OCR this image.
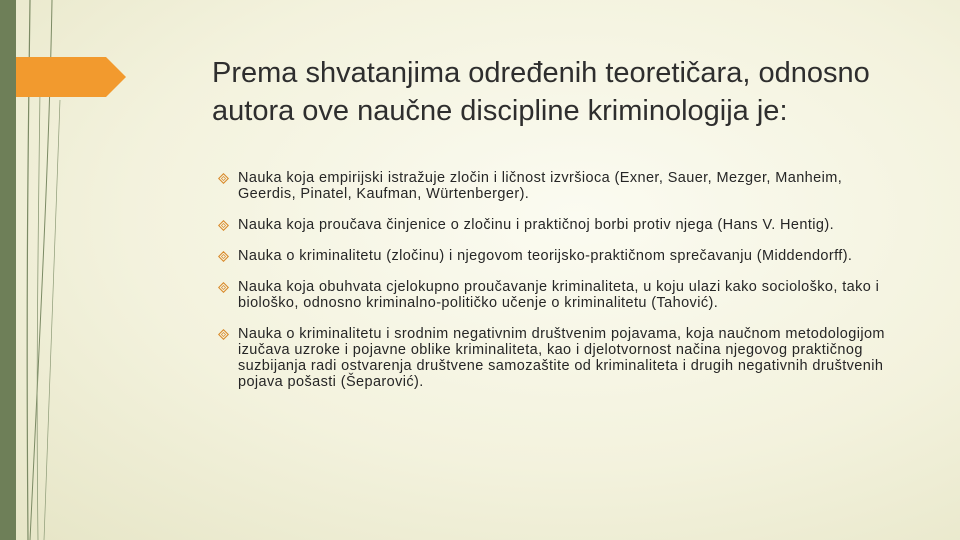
Prema shvatanjima određenih teoretičara, odnosno autora ove naučne discipline kriminologija je:
Nauka koja empirijski istražuje zločin i ličnost izvršioca (Exner, Sauer, Mezger, Manheim, Geerdis, Pinatel, Kaufman, Würtenberger).
Nauka koja proučava činjenice o zločinu i praktičnoj borbi protiv njega (Hans V. Hentig).
Nauka o kriminalitetu (zločinu) i njegovom teorijsko-praktičnom sprečavanju (Middendorff).
Nauka koja obuhvata cjelokupno proučavanje kriminaliteta, u koju ulazi kako sociološko, tako i biološko, odnosno kriminalno-političko učenje o kriminalitetu (Tahović).
Nauka o kriminalitetu i srodnim negativnim društvenim pojavama, koja naučnom metodologijom izučava uzroke i pojavne oblike kriminaliteta, kao i djelotvornost načina njegovog praktičnog suzbijanja radi ostvarenja društvene samozaštite od kriminaliteta i drugih negativnih društvenih pojava pošasti (Šeparović).
